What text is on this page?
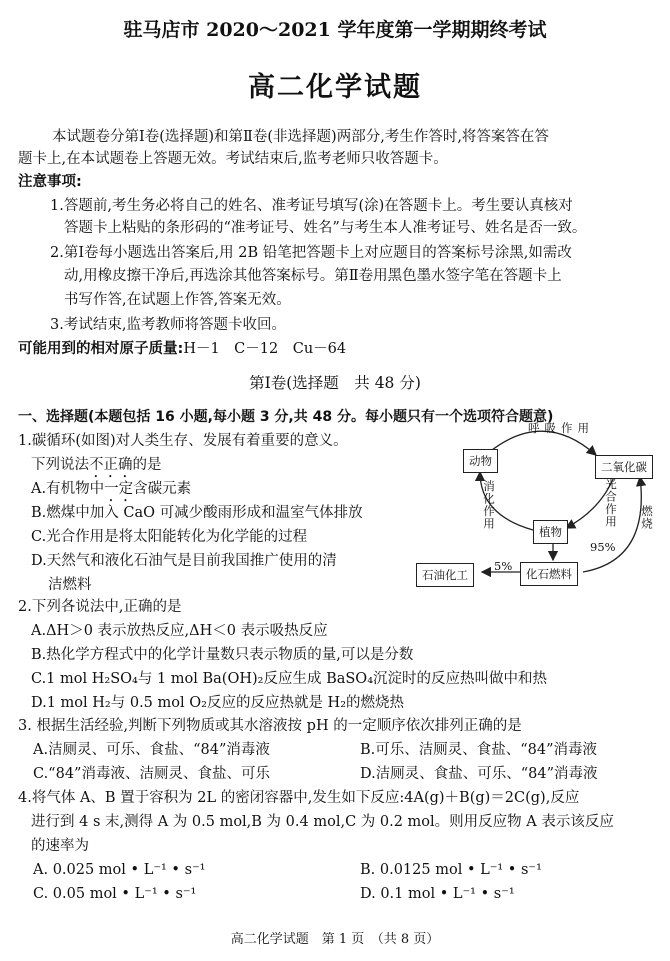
驻马店市 2020～2021 学年度第一学期期终考试
高二化学试题
本试题卷分第Ⅰ卷(选择题)和第Ⅱ卷(非选择题)两部分,考生作答时,将答案答在答
题卡上,在本试题卷上答题无效。考试结束后,监考老师只收答题卡。
注意事项:
1.答题前,考生务必将自己的姓名、准考证号填写(涂)在答题卡上。考生要认真核对
答题卡上粘贴的条形码的“准考证号、姓名”与考生本人准考证号、姓名是否一致。
2.第Ⅰ卷每小题选出答案后,用 2B 铅笔把答题卡上对应题目的答案标号涂黑,如需改
动,用橡皮擦干净后,再选涂其他答案标号。第Ⅱ卷用黑色墨水签字笔在答题卡上
书写作答,在试题上作答,答案无效。
3.考试结束,监考教师将答题卡收回。
可能用到的相对原子质量:H－1　C－12　Cu－64
第Ⅰ卷(选择题　共 48 分)
一、选择题(本题包括 16 小题,每小题 3 分,共 48 分。每小题只有一个选项符合题意)
1.碳循环(如图)对人类生存、发展有着重要的意义。
下列说法不正确的是
A.有机物中一定含碳元素
B.燃煤中加入 CaO 可减少酸雨形成和温室气体排放
C.光合作用是将太阳能转化为化学能的过程
D.天然气和液化石油气是目前我国推广使用的清
洁燃料
动物	二氧化碳
植物
化石燃料
石油化工
呼吸作用
消化作用	光合作用 燃烧
95%
5%
2.下列各说法中,正确的是
A.ΔH＞0 表示放热反应,ΔH＜0 表示吸热反应
B.热化学方程式中的化学计量数只表示物质的量,可以是分数
C.1 mol H₂SO₄与 1 mol Ba(OH)₂反应生成 BaSO₄沉淀时的反应热叫做中和热
D.1 mol H₂与 0.5 mol O₂反应的反应热就是 H₂的燃烧热
3. 根据生活经验,判断下列物质或其水溶液按 pH 的一定顺序依次排列正确的是
A.洁厕灵、可乐、食盐、“84”消毒液	B.可乐、洁厕灵、食盐、“84”消毒液
C.“84”消毒液、洁厕灵、食盐、可乐	D.洁厕灵、食盐、可乐、“84”消毒液
4.将气体 A、B 置于容积为 2L 的密闭容器中,发生如下反应:4A(g)＋B(g)＝2C(g),反应
进行到 4 s 末,测得 A 为 0.5 mol,B 为 0.4 mol,C 为 0.2 mol。则用反应物 A 表示该反应
的速率为
A. 0.025 mol • L⁻¹ • s⁻¹	B. 0.0125 mol • L⁻¹ • s⁻¹
C. 0.05 mol • L⁻¹ • s⁻¹	D. 0.1 mol • L⁻¹ • s⁻¹
高二化学试题　第 1 页　（共 8 页）
